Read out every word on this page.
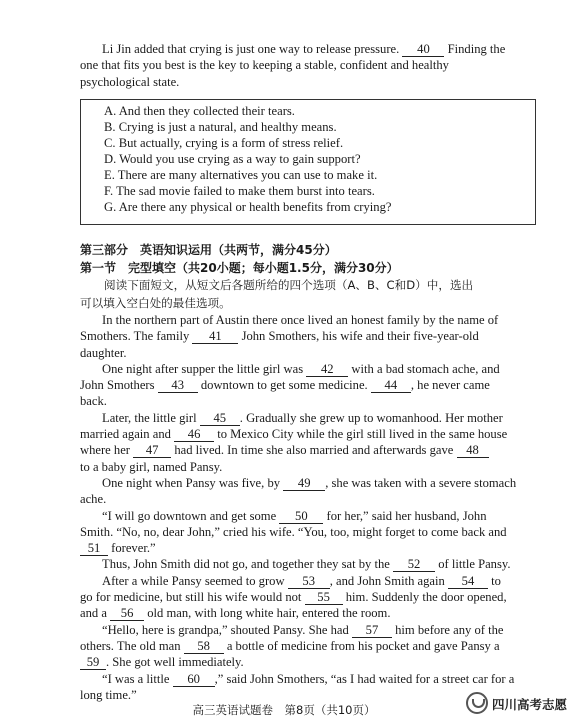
Li Jin added that crying is just one way to release pressure. 40 Finding the
one that fits you best is the key to keeping a stable, confident and healthy
psychological state.
A. And then they collected their tears.
B. Crying is just a natural, and healthy means.
C. But actually, crying is a form of stress relief.
D. Would you use crying as a way to gain support?
E. There are many alternatives you can use to make it.
F. The sad movie failed to make them burst into tears.
G. Are there any physical or health benefits from crying?
第三部分　英语知识运用（共两节，满分45分）
第一节　完型填空（共20小题；每小题1.5分，满分30分）
阅读下面短文，从短文后各题所给的四个选项（A、B、C和D）中，选出
可以填入空白处的最佳选项。
In the northern part of Austin there once lived an honest family by the name of
Smothers. The family 41 John Smothers, his wife and their five-year-old
daughter.
One night after supper the little girl was 42 with a bad stomach ache, and
John Smothers 43 downtown to get some medicine. 44 , he never came
back.
Later, the little girl 45 . Gradually she grew up to womanhood. Her mother
married again and 46 to Mexico City while the girl still lived in the same house
where her 47 had lived. In time she also married and afterwards gave 48
to a baby girl, named Pansy.
One night when Pansy was five, by 49 , she was taken with a severe stomach
ache.
“I will go downtown and get some 50 for her,” said her husband, John
Smith. “No, no, dear John,” cried his wife. “You, too, might forget to come back and
51 forever.”
Thus, John Smith did not go, and together they sat by the 52 of little Pansy.
After a while Pansy seemed to grow 53 , and John Smith again 54 to
go for medicine, but still his wife would not 55 him. Suddenly the door opened,
and a 56 old man, with long white hair, entered the room.
“Hello, here is grandpa,” shouted Pansy. She had 57 him before any of the
others. The old man 58 a bottle of medicine from his pocket and gave Pansy a
59 . She got well immediately.
“I was a little 60 ,” said John Smothers, “as I had waited for a street car for a
long time.”
高三英语试题卷　第8页（共10页）	四川高考志愿
